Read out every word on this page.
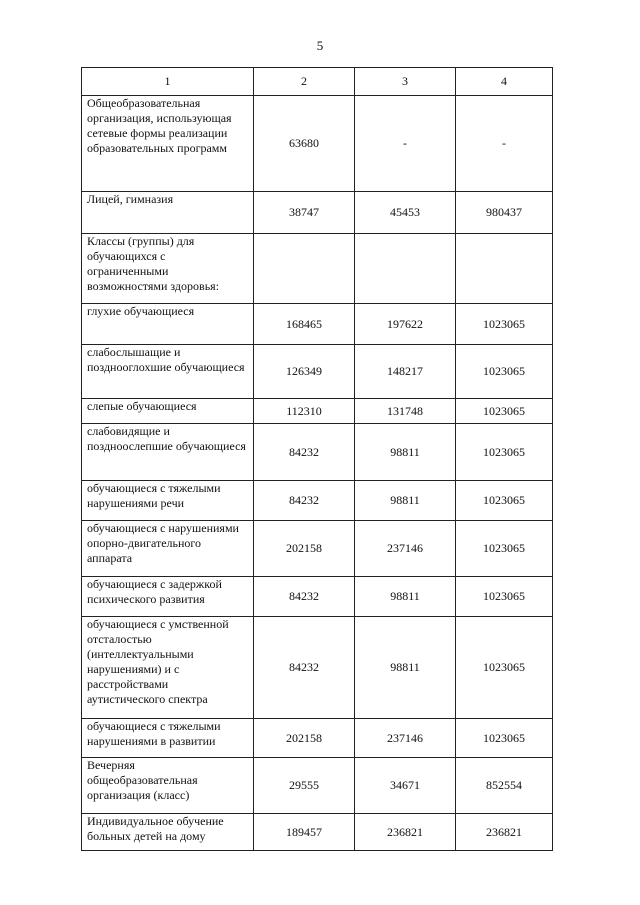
5
1	2	3	4
Общеобразовательная организация, использующая сетевые формы реализации образовательных программ	63680	-	-
Лицей, гимназия	38747	45453	980437
Классы (группы) для обучающихся с ограниченными возможностями здоровья:			
глухие обучающиеся	168465	197622	1023065
слабослышащие и позднооглохшие обучающиеся	126349	148217	1023065
слепые обучающиеся	112310	131748	1023065
слабовидящие и поздноослепшие обучающиеся	84232	98811	1023065
обучающиеся с тяжелыми нарушениями речи	84232	98811	1023065
обучающиеся с нарушениями опорно-двигательного аппарата	202158	237146	1023065
обучающиеся с задержкой психического развития	84232	98811	1023065
обучающиеся с умственной отсталостью (интеллектуальными нарушениями) и с расстройствами аутистического спектра	84232	98811	1023065
обучающиеся с тяжелыми нарушениями в развитии	202158	237146	1023065
Вечерняя общеобразовательная организация (класс)	29555	34671	852554
Индивидуальное обучение больных детей на дому	189457	236821	236821
